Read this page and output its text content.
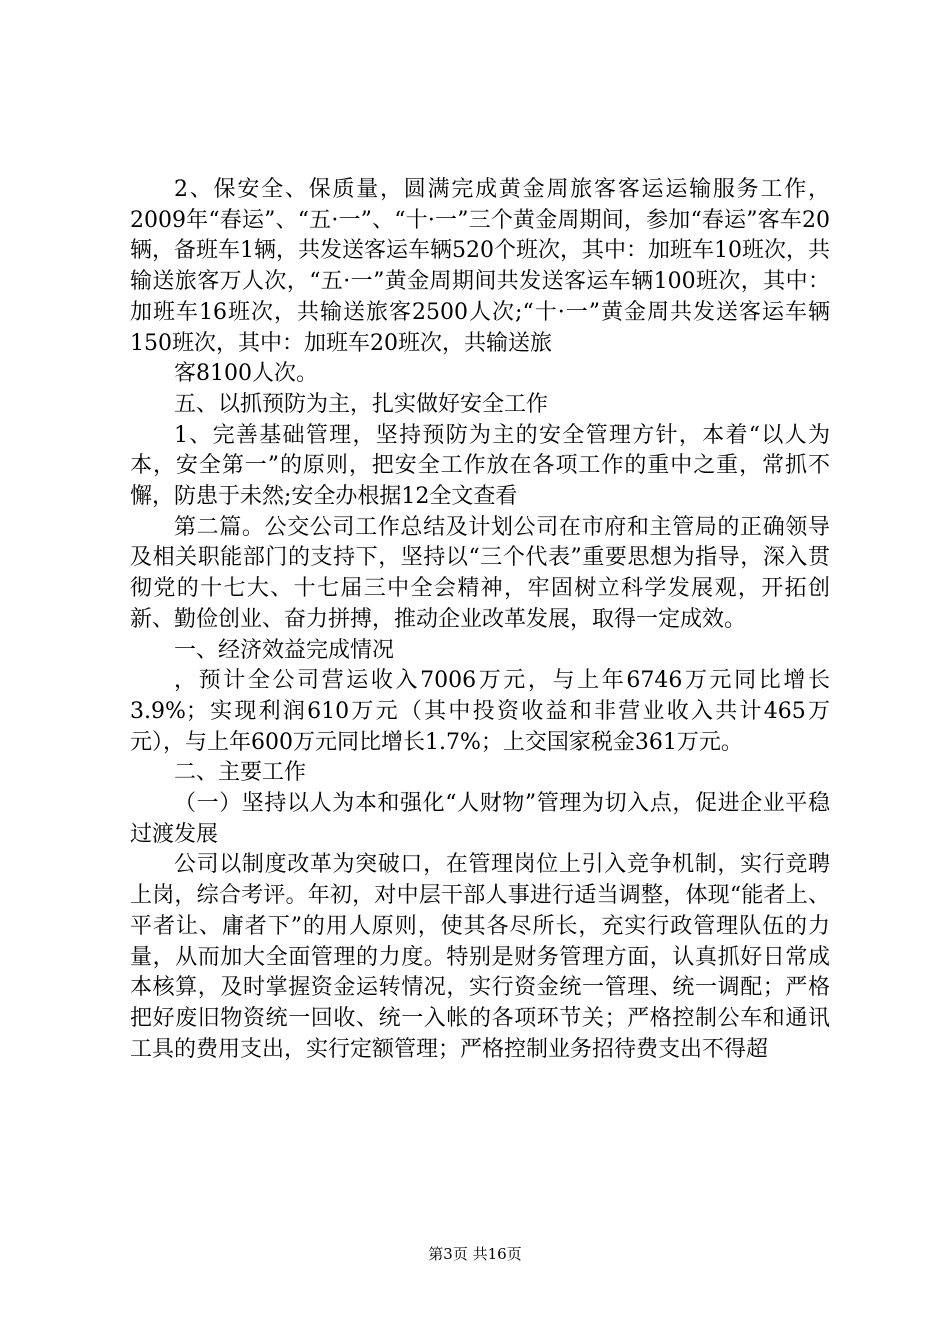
2、保安全、保质量，圆满完成黄金周旅客客运运输服务工作，2009年“春运”、“五·一”、“十·一”三个黄金周期间，参加“春运”客车20辆，备班车1辆，共发送客运车辆520个班次，其中：加班车10班次，共输送旅客万人次，“五·一”黄金周期间共发送客运车辆100班次，其中：加班车16班次，共输送旅客2500人次;“十·一”黄金周共发送客运车辆150班次，其中：加班车20班次，共输送旅

客8100人次。

五、以抓预防为主，扎实做好安全工作

1、完善基础管理，坚持预防为主的安全管理方针，本着“以人为本，安全第一”的原则，把安全工作放在各项工作的重中之重，常抓不懈，防患于未然;安全办根据12全文查看

第二篇。公交公司工作总结及计划公司在市府和主管局的正确领导及相关职能部门的支持下，坚持以“三个代表”重要思想为指导，深入贯彻党的十七大、十七届三中全会精神，牢固树立科学发展观，开拓创新、勤俭创业、奋力拼搏，推动企业改革发展，取得一定成效。

一、经济效益完成情况

，预计全公司营运收入7006万元，与上年6746万元同比增长3.9%；实现利润610万元（其中投资收益和非营业收入共计465万元），与上年600万元同比增长1.7%；上交国家税金361万元。

二、主要工作

（一）坚持以人为本和强化“人财物”管理为切入点，促进企业平稳过渡发展

公司以制度改革为突破口，在管理岗位上引入竞争机制，实行竞聘上岗，综合考评。年初，对中层干部人事进行适当调整，体现“能者上、平者让、庸者下”的用人原则，使其各尽所长，充实行政管理队伍的力量，从而加大全面管理的力度。特别是财务管理方面，认真抓好日常成本核算，及时掌握资金运转情况，实行资金统一管理、统一调配；严格把好废旧物资统一回收、统一入帐的各项环节关；严格控制公车和通讯工具的费用支出，实行定额管理；严格控制业务招待费支出不得超

第3页 共16页
